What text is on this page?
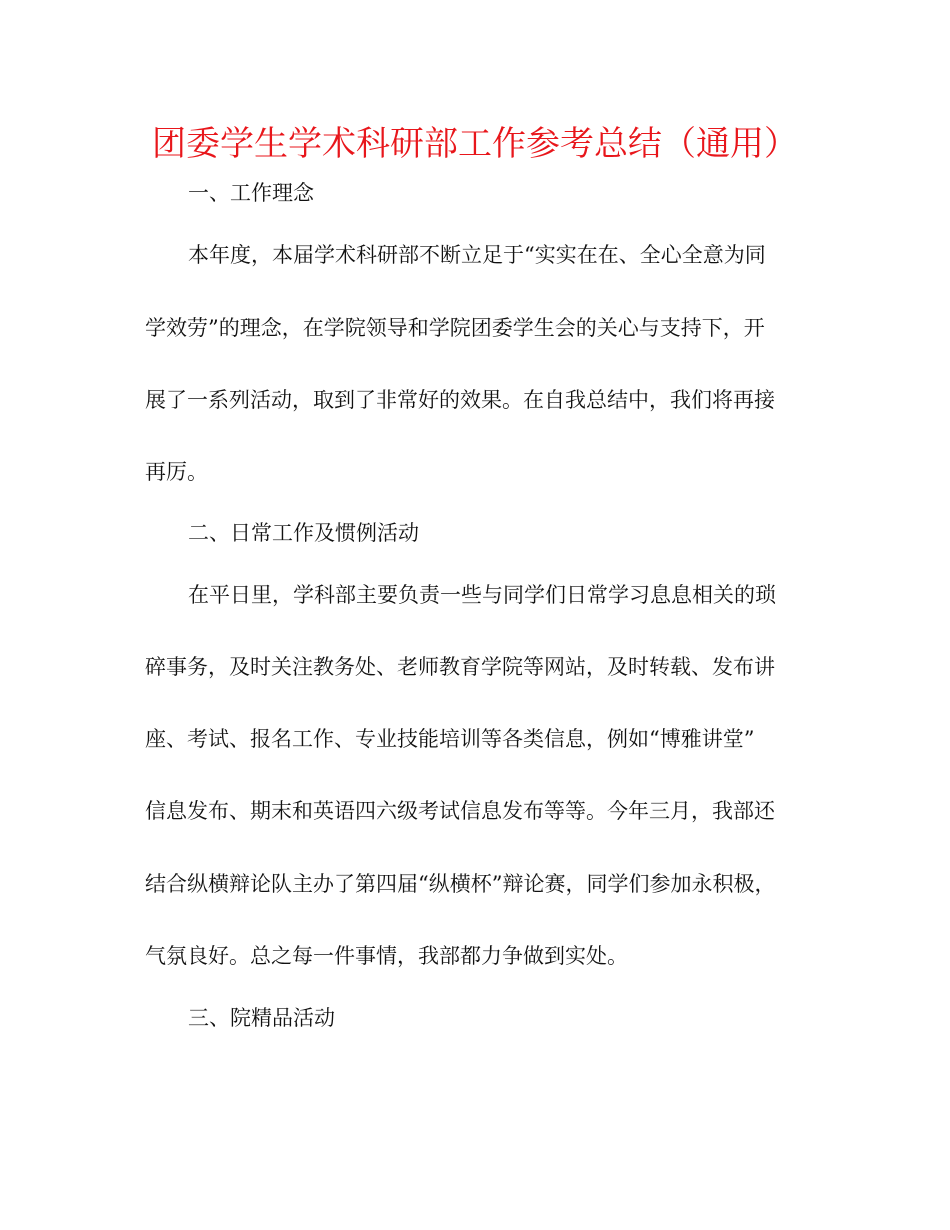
团委学生学术科研部工作参考总结（通用）
一、工作理念
本年度，本届学术科研部不断立足于“实实在在、全心全意为同
学效劳”的理念，在学院领导和学院团委学生会的关心与支持下，开
展了一系列活动，取到了非常好的效果。在自我总结中，我们将再接
再厉。
二、日常工作及惯例活动
在平日里，学科部主要负责一些与同学们日常学习息息相关的琐
碎事务，及时关注教务处、老师教育学院等网站，及时转载、发布讲
座、考试、报名工作、专业技能培训等各类信息，例如“博雅讲堂”
信息发布、期末和英语四六级考试信息发布等等。今年三月，我部还
结合纵横辩论队主办了第四届“纵横杯”辩论赛，同学们参加永积极，
气氛良好。总之每一件事情，我部都力争做到实处。
三、院精品活动
